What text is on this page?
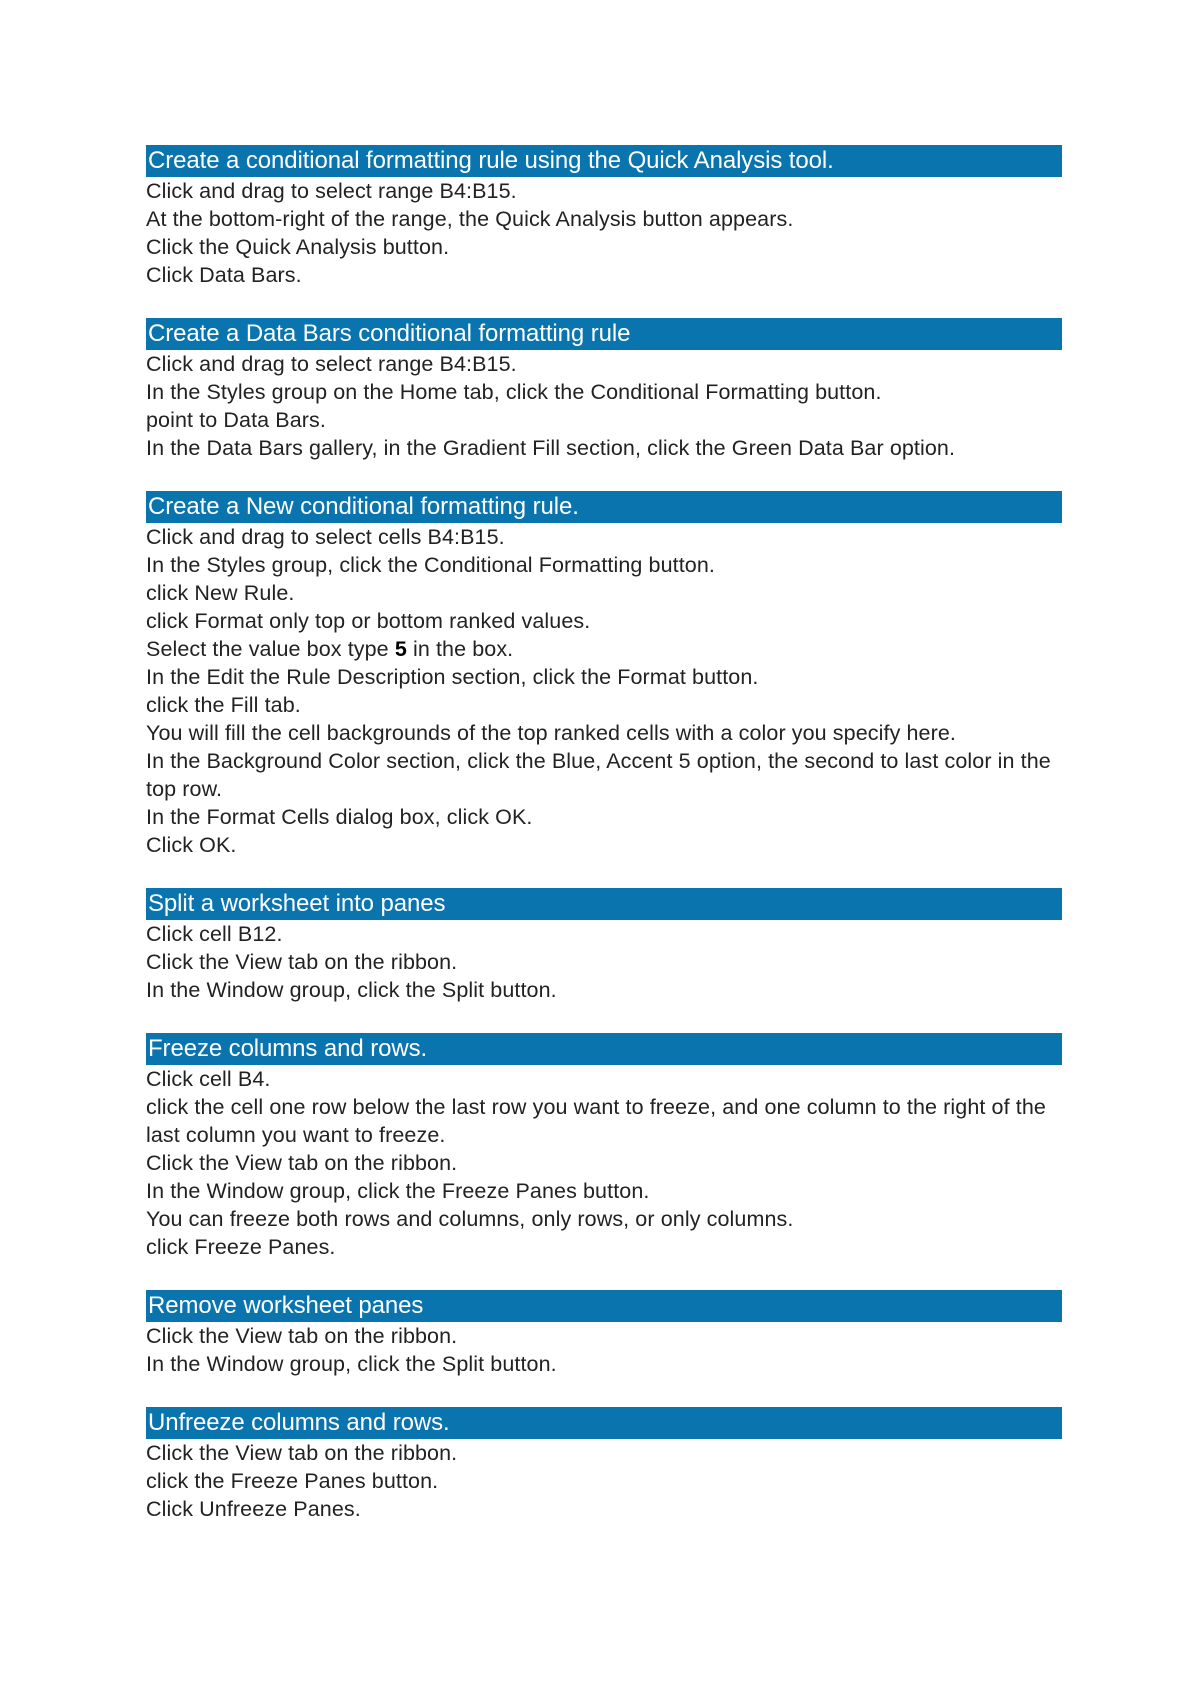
Create a conditional formatting rule using the Quick Analysis tool.
Click and drag to select range B4:B15.
At the bottom-right of the range, the Quick Analysis button appears.
Click the Quick Analysis button.
Click Data Bars.
Create a Data Bars conditional formatting rule
Click and drag to select range B4:B15.
In the Styles group on the Home tab, click the Conditional Formatting button.
point to Data Bars.
In the Data Bars gallery, in the Gradient Fill section, click the Green Data Bar option.
Create a New conditional formatting rule.
Click and drag to select cells B4:B15.
In the Styles group, click the Conditional Formatting button.
click New Rule.
click Format only top or bottom ranked values.
Select the value box type 5 in the box.
In the Edit the Rule Description section, click the Format button.
click the Fill tab.
You will fill the cell backgrounds of the top ranked cells with a color you specify here.
In the Background Color section, click the Blue, Accent 5 option, the second to last color in the top row.
In the Format Cells dialog box, click OK.
Click OK.
Split a worksheet into panes
Click cell B12.
Click the View tab on the ribbon.
In the Window group, click the Split button.
Freeze columns and rows.
Click cell B4.
click the cell one row below the last row you want to freeze, and one column to the right of the last column you want to freeze.
Click the View tab on the ribbon.
In the Window group, click the Freeze Panes button.
You can freeze both rows and columns, only rows, or only columns.
click Freeze Panes.
Remove worksheet panes
Click the View tab on the ribbon.
In the Window group, click the Split button.
Unfreeze columns and rows.
Click the View tab on the ribbon.
click the Freeze Panes button.
Click Unfreeze Panes.
